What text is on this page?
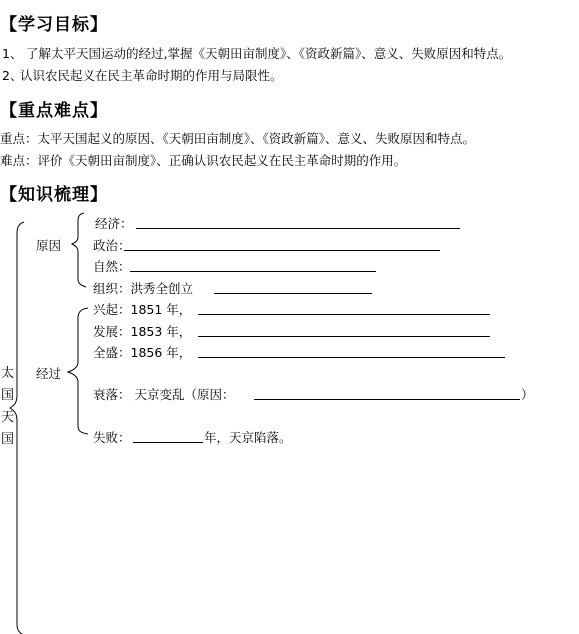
【学习目标】
1、 了解太平天国运动的经过,掌握《天朝田亩制度》、《资政新篇》、意义、失败原因和特点。
2、
认识农民起义在民主革命时期的作用与局限性。
【重点难点】
重点：太平天国起义的原因、《天朝田亩制度》、《资政新篇》、意义、失败原因和特点。
难点：评价《天朝田亩制度》、正确认识农民起义在民主革命时期的作用。
【知识梳理】
太
国
天
国
原因
经济：
政治：
自然：
组织：洪秀全创立
经过
兴起：1851 年，
发展：1853 年，
全盛：1856 年，
衰落： 天京变乱（原因：	）
失败：	年，天京陷落。
